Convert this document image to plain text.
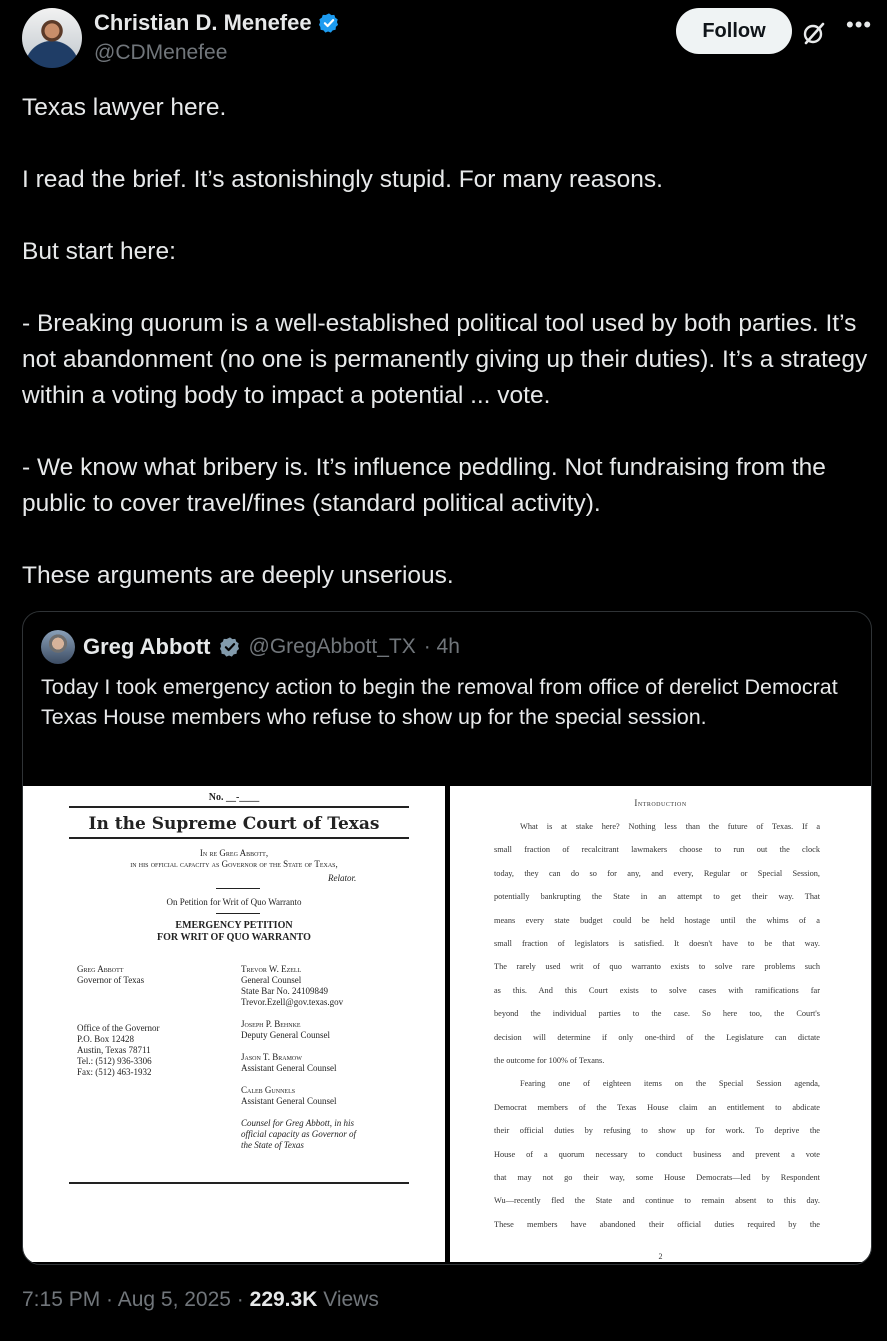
Christian D. Menefee
@CDMenefee
Follow	•••
Texas lawyer here.

I read the brief. It’s astonishingly stupid. For many reasons.

But start here:

- Breaking quorum is a well-established political tool used by both parties. It’s not abandonment (no one is permanently giving up their duties). It’s a strategy within a voting body to impact a potential ... vote.

- We know what bribery is. It’s influence peddling. Not fundraising from the public to cover travel/fines (standard political activity).

These arguments are deeply unserious.
Greg Abbott @GregAbbott_TX · 4h
Today I took emergency action to begin the removal from office of derelict Democrat Texas House members who refuse to show up for the special session.
No. __-____
In the Supreme Court of Texas
In re Greg Abbott,
in his official capacity as Governor of the State of Texas,
Relator.
On Petition for Writ of Quo Warranto
EMERGENCY PETITION
FOR WRIT OF QUO WARRANTO
Greg Abbott
Governor of Texas
Office of the Governor
P.O. Box 12428
Austin, Texas 78711
Tel.: (512) 936-3306
Fax: (512) 463-1932
Trevor W. Ezell
General Counsel
State Bar No. 24109849
Trevor.Ezell@gov.texas.gov
Joseph P. Behnke
Deputy General Counsel
Jason T. Bramow
Assistant General Counsel
Caleb Gunnels
Assistant General Counsel
Counsel for Greg Abbott, in his
official capacity as Governor of
the State of Texas
Introduction
What is at stake here? Nothing less than the future of Texas. If a
small fraction of recalcitrant lawmakers choose to run out the clock
today, they can do so for any, and every, Regular or Special Session,
potentially bankrupting the State in an attempt to get their way. That
means every state budget could be held hostage until the whims of a
small fraction of legislators is satisfied. It doesn't have to be that way.
The rarely used writ of quo warranto exists to solve rare problems such
as this. And this Court exists to solve cases with ramifications far
beyond the individual parties to the case. So here too, the Court's
decision will determine if only one-third of the Legislature can dictate
the outcome for 100% of Texans.
Fearing one of eighteen items on the Special Session agenda,
Democrat members of the Texas House claim an entitlement to abdicate
their official duties by refusing to show up for work. To deprive the
House of a quorum necessary to conduct business and prevent a vote
that may not go their way, some House Democrats—led by Respondent
Wu—recently fled the State and continue to remain absent to this day.
These members have abandoned their official duties required by the
2
7:15 PM · Aug 5, 2025 · 229.3K Views
